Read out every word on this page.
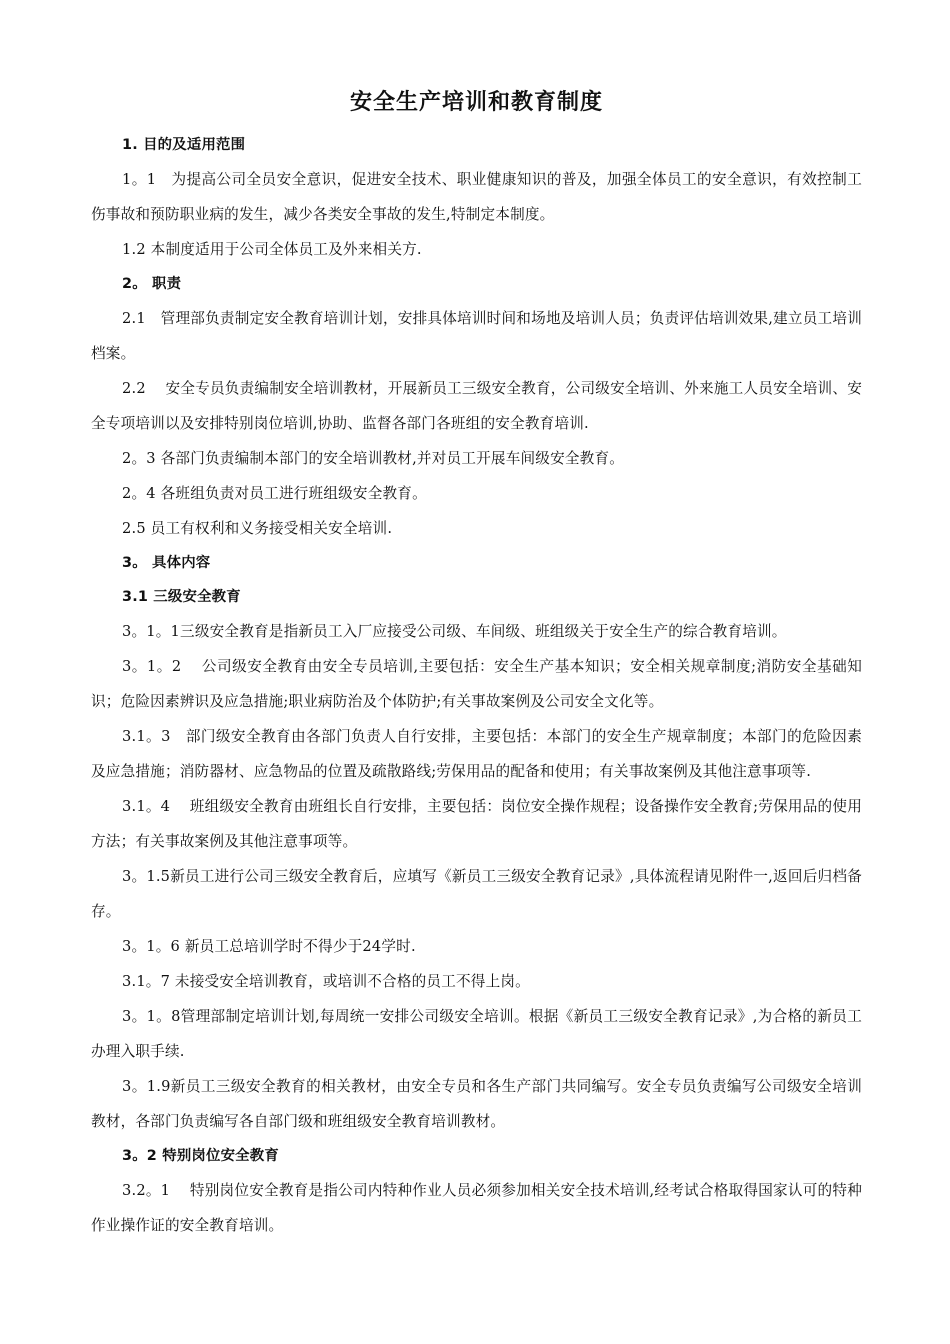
安全生产培训和教育制度

1. 目的及适用范围

1。1　为提高公司全员安全意识，促进安全技术、职业健康知识的普及，加强全体员工的安全意识，有效控制工伤事故和预防职业病的发生，减少各类安全事故的发生,特制定本制度。

1.2 本制度适用于公司全体员工及外来相关方.

2。 职责

2.1　管理部负责制定安全教育培训计划，安排具体培训时间和场地及培训人员；负责评估培训效果,建立员工培训档案。

2.2　 安全专员负责编制安全培训教材，开展新员工三级安全教育，公司级安全培训、外来施工人员安全培训、安全专项培训以及安排特别岗位培训,协助、监督各部门各班组的安全教育培训.

2。3 各部门负责编制本部门的安全培训教材,并对员工开展车间级安全教育。

2。4 各班组负责对员工进行班组级安全教育。

2.5 员工有权利和义务接受相关安全培训.

3。 具体内容

3.1 三级安全教育

3。1。1三级安全教育是指新员工入厂应接受公司级、车间级、班组级关于安全生产的综合教育培训。

3。1。2　 公司级安全教育由安全专员培训,主要包括：安全生产基本知识；安全相关规章制度;消防安全基础知识；危险因素辨识及应急措施;职业病防治及个体防护;有关事故案例及公司安全文化等。

3.1。3　部门级安全教育由各部门负责人自行安排，主要包括：本部门的安全生产规章制度；本部门的危险因素及应急措施；消防器材、应急物品的位置及疏散路线;劳保用品的配备和使用；有关事故案例及其他注意事项等.

3.1。4　 班组级安全教育由班组长自行安排，主要包括：岗位安全操作规程；设备操作安全教育;劳保用品的使用方法；有关事故案例及其他注意事项等。

3。1.5新员工进行公司三级安全教育后，应填写《新员工三级安全教育记录》,具体流程请见附件一,返回后归档备存。

3。1。6 新员工总培训学时不得少于24学时.

3.1。7 未接受安全培训教育，或培训不合格的员工不得上岗。

3。1。8管理部制定培训计划,每周统一安排公司级安全培训。根据《新员工三级安全教育记录》,为合格的新员工办理入职手续.

3。1.9新员工三级安全教育的相关教材，由安全专员和各生产部门共同编写。安全专员负责编写公司级安全培训教材，各部门负责编写各自部门级和班组级安全教育培训教材。

3。2 特别岗位安全教育

3.2。1　 特别岗位安全教育是指公司内特种作业人员必须参加相关安全技术培训,经考试合格取得国家认可的特种作业操作证的安全教育培训。
